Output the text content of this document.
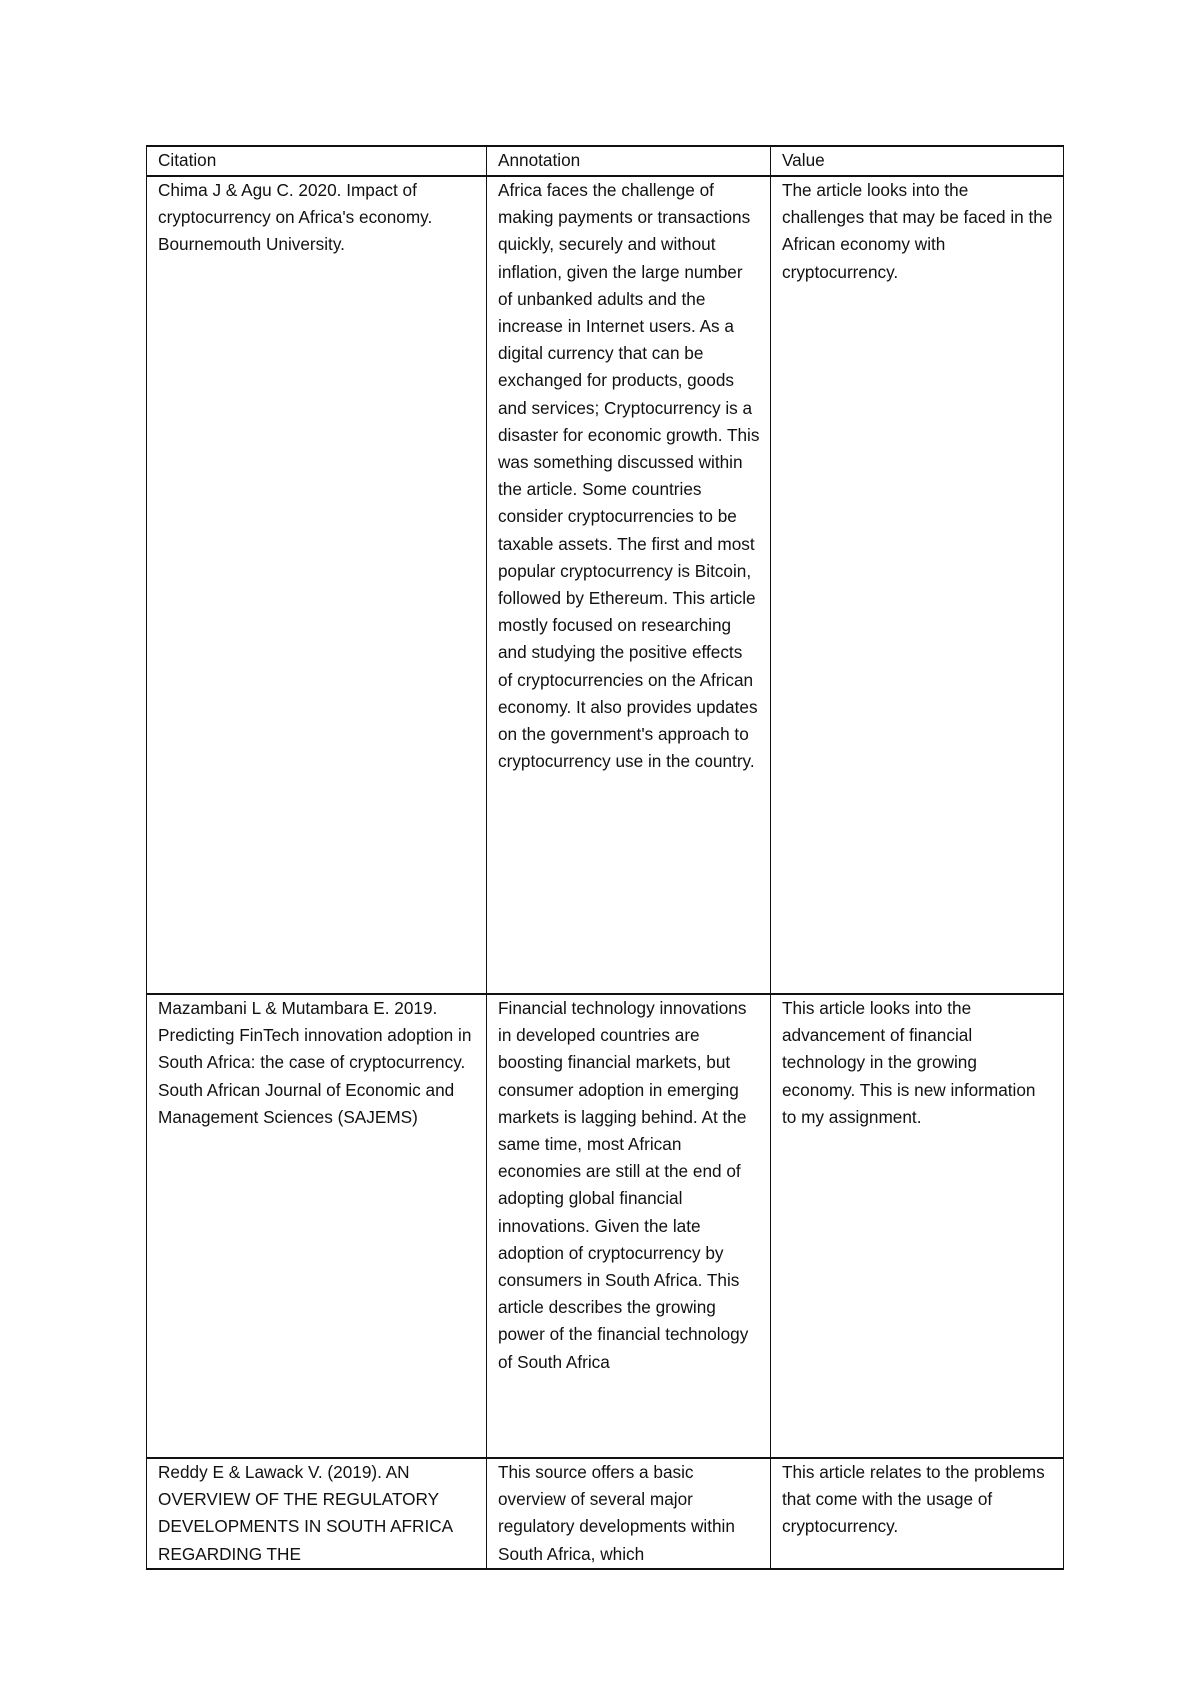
Citation	Annotation	Value

Chima J & Agu C. 2020. Impact of cryptocurrency on Africa's economy. Bournemouth University.	Africa faces the challenge of making payments or transactions quickly, securely and without inflation, given the large number of unbanked adults and the increase in Internet users. As a digital currency that can be exchanged for products, goods and services; Cryptocurrency is a disaster for economic growth. This was something discussed within the article. Some countries consider cryptocurrencies to be taxable assets. The first and most popular cryptocurrency is Bitcoin, followed by Ethereum. This article mostly focused on researching and studying the positive effects of cryptocurrencies on the African economy. It also provides updates on the government's approach to cryptocurrency use in the country.	The article looks into the challenges that may be faced in the African economy with cryptocurrency.

Mazambani L & Mutambara E. 2019. Predicting FinTech innovation adoption in South Africa: the case of cryptocurrency. South African Journal of Economic and Management Sciences (SAJEMS)	Financial technology innovations in developed countries are boosting financial markets, but consumer adoption in emerging markets is lagging behind. At the same time, most African economies are still at the end of adopting global financial innovations. Given the late adoption of cryptocurrency by consumers in South Africa. This article describes the growing power of the financial technology of South Africa	This article looks into the advancement of financial technology in the growing economy. This is new information to my assignment.

Reddy E & Lawack V. (2019). AN OVERVIEW OF THE REGULATORY DEVELOPMENTS IN SOUTH AFRICA REGARDING THE	This source offers a basic overview of several major regulatory developments within South Africa, which	This article relates to the problems that come with the usage of cryptocurrency.
